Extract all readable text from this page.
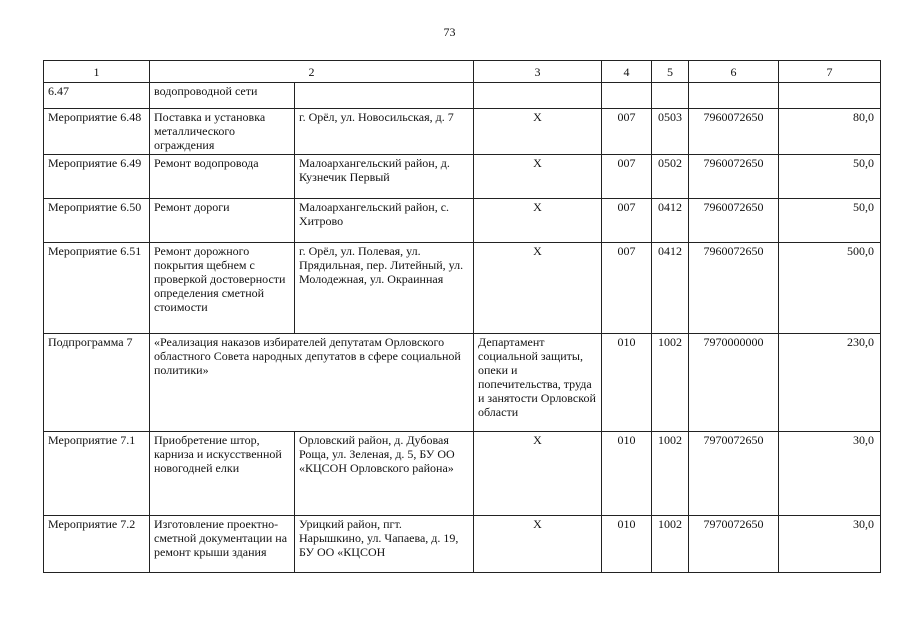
73
1	2		3	4	5	6	7
6.47	водопроводной сети						
Мероприятие 6.48	Поставка и установка металлического ограждения	г. Орёл, ул. Новосильская, д. 7	Х	007	0503	7960072650	80,0
Мероприятие 6.49	Ремонт водопровода	Малоархангельский район, д. Кузнечик Первый	Х	007	0502	7960072650	50,0
Мероприятие 6.50	Ремонт дороги	Малоархангельский район, с. Хитрово	Х	007	0412	7960072650	50,0
Мероприятие 6.51	Ремонт дорожного покрытия щебнем с проверкой достоверности определения сметной стоимости	г. Орёл, ул. Полевая, ул. Прядильная, пер. Литейный, ул. Молодежная, ул. Окраинная	Х	007	0412	7960072650	500,0
Подпрограмма 7	«Реализация наказов избирателей депутатам Орловского областного Совета народных депутатов в сфере социальной политики»		Департамент социальной защиты, опеки и попечительства, труда и занятости Орловской области	010	1002	7970000000	230,0
Мероприятие 7.1	Приобретение штор, карниза и искусственной новогодней елки	Орловский район, д. Дубовая Роща, ул. Зеленая, д. 5, БУ ОО «КЦСОН Орловского района»	Х	010	1002	7970072650	30,0
Мероприятие 7.2	Изготовление проектно-сметной документации на ремонт крыши здания	Урицкий район, пгт. Нарышкино, ул. Чапаева, д. 19, БУ ОО «КЦСОН	Х	010	1002	7970072650	30,0
